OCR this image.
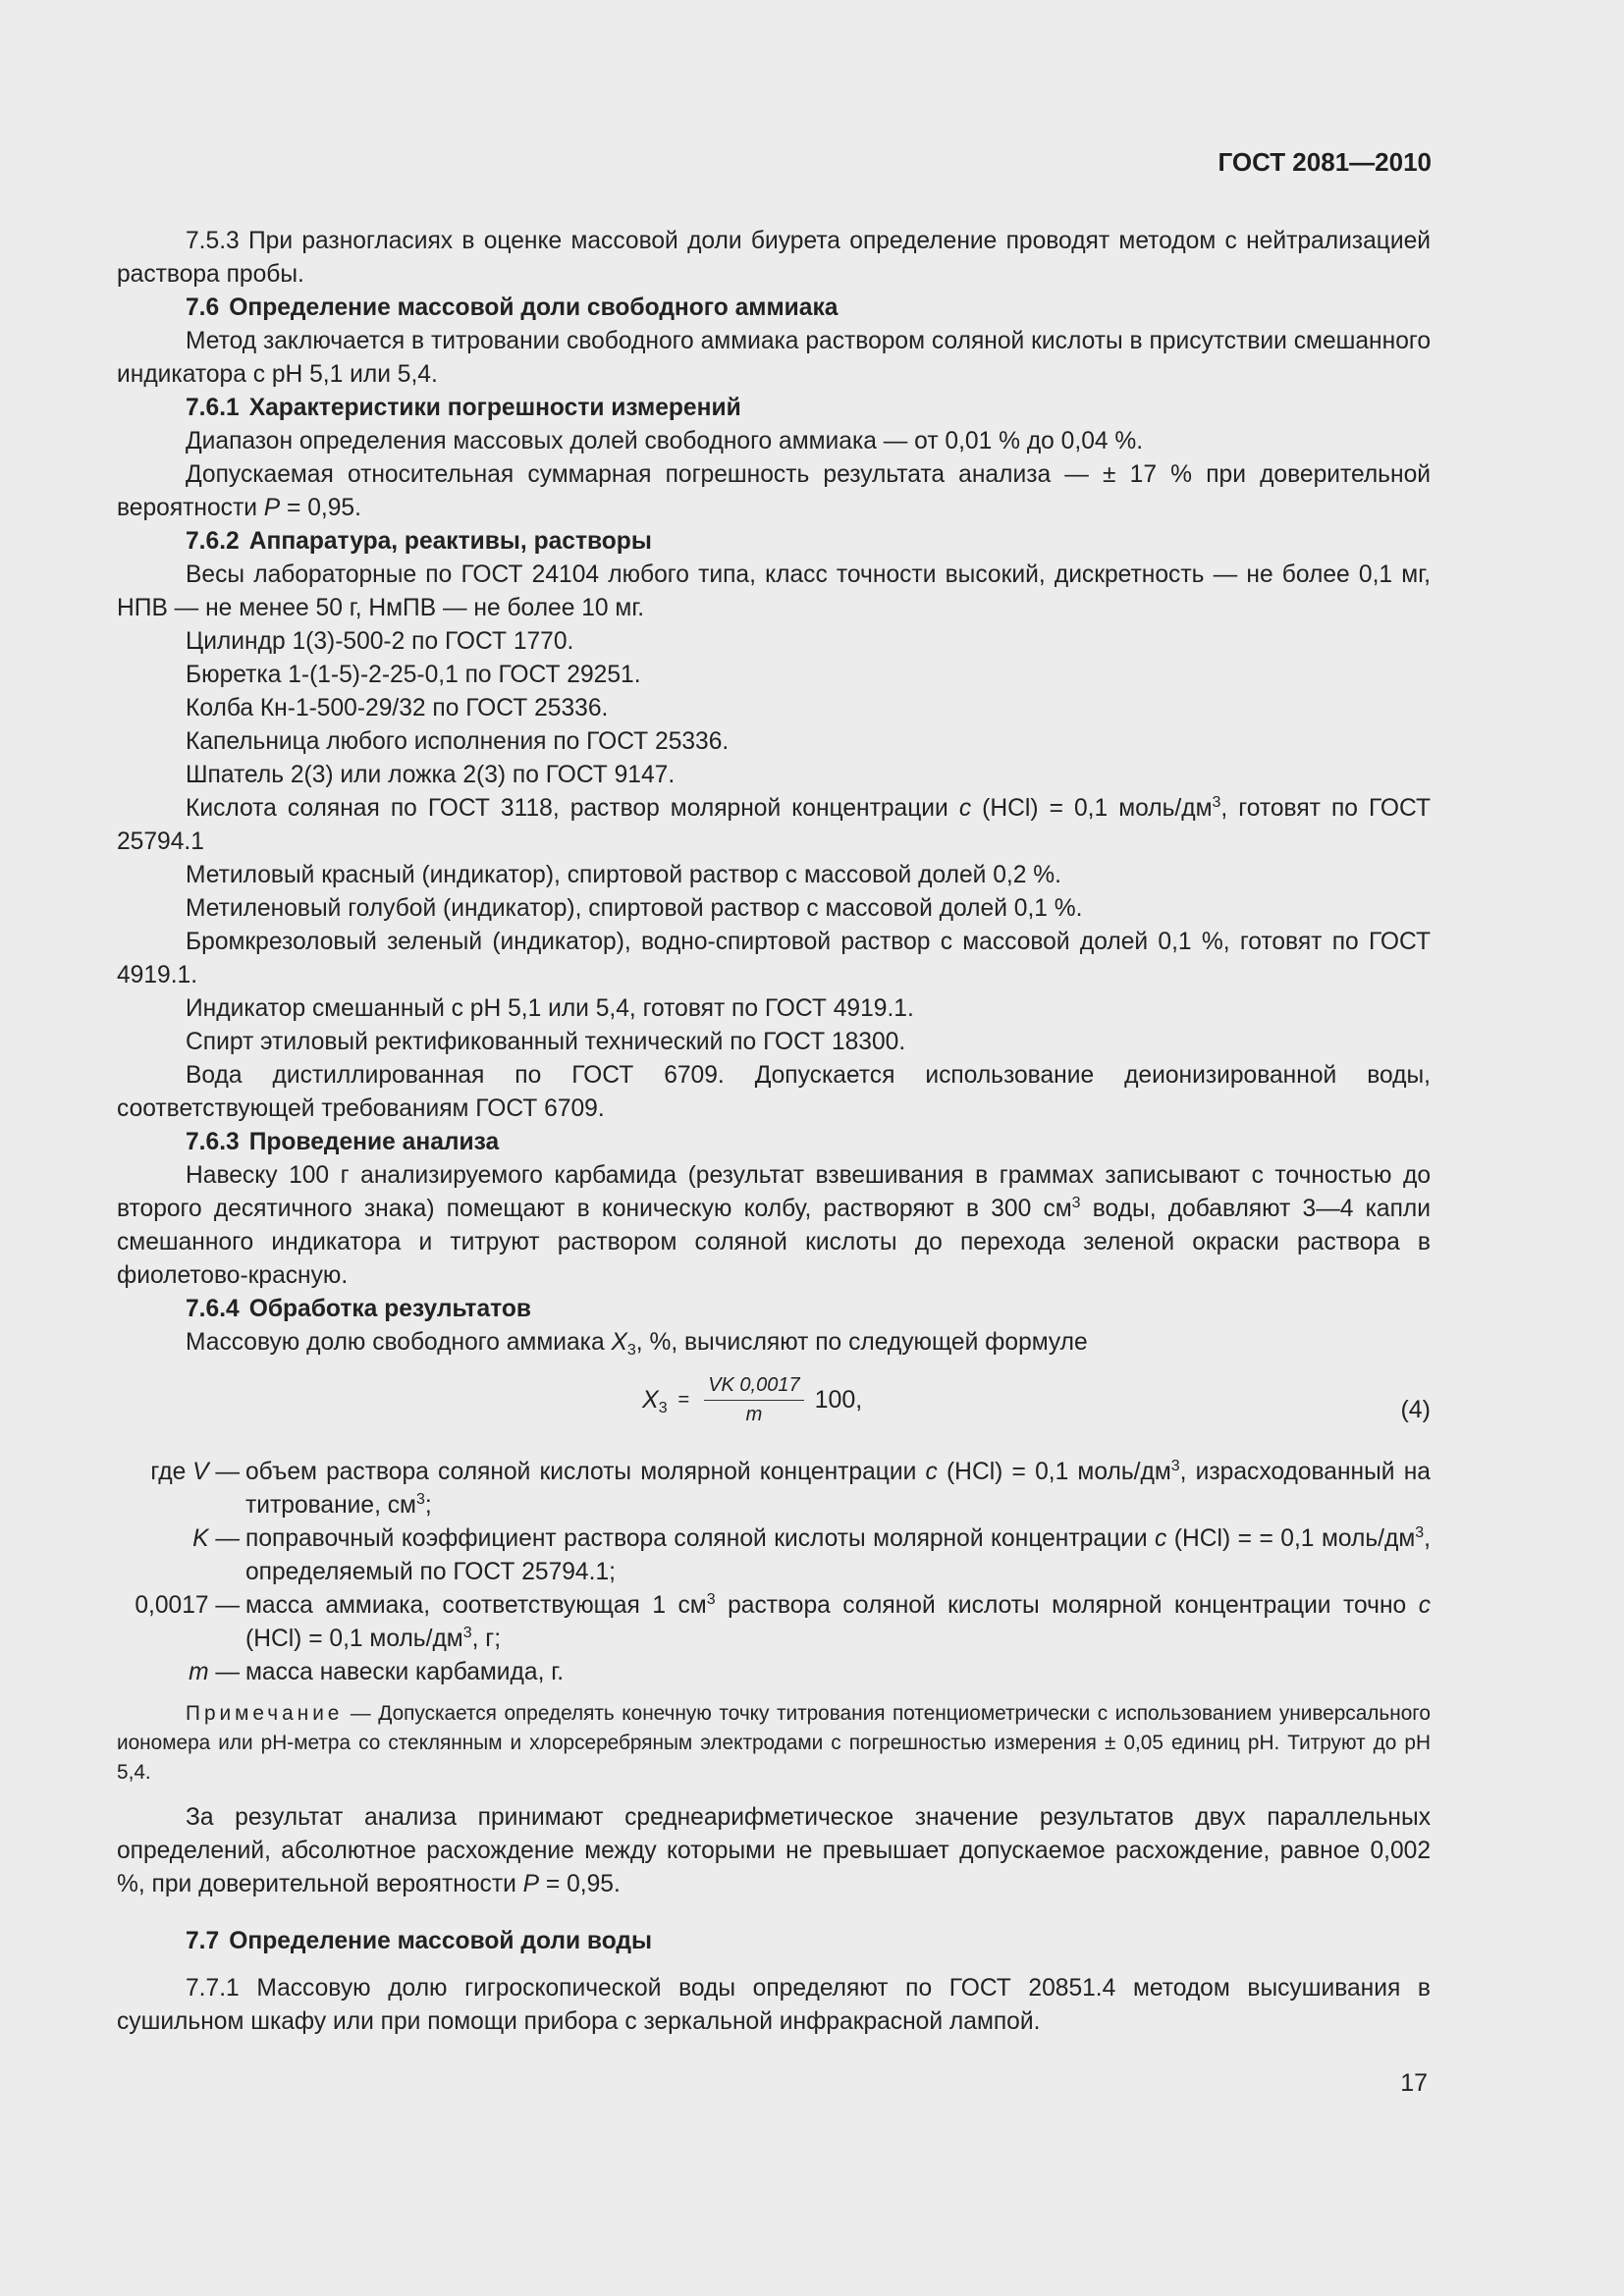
ГОСТ 2081—2010

7.5.3 При разногласиях в оценке массовой доли биурета определение проводят методом с нейтрализацией раствора пробы.

7.6 Определение массовой доли свободного аммиака

Метод заключается в титровании свободного аммиака раствором соляной кислоты в присутствии смешанного индикатора с рН 5,1 или 5,4.

7.6.1 Характеристики погрешности измерений

Диапазон определения массовых долей свободного аммиака — от 0,01 % до 0,04 %.

Допускаемая относительная суммарная погрешность результата анализа — ± 17 % при доверительной вероятности P = 0,95.

7.6.2 Аппаратура, реактивы, растворы

Весы лабораторные по ГОСТ 24104 любого типа, класс точности высокий, дискретность — не более 0,1 мг, НПВ — не менее 50 г, НмПВ — не более 10 мг.

Цилиндр 1(3)-500-2 по ГОСТ 1770.

Бюретка 1-(1-5)-2-25-0,1 по ГОСТ 29251.

Колба Кн-1-500-29/32 по ГОСТ 25336.

Капельница любого исполнения по ГОСТ 25336.

Шпатель 2(3) или ложка 2(3) по ГОСТ 9147.

Кислота соляная по ГОСТ 3118, раствор молярной концентрации c (HCl) = 0,1 моль/$дм^3$, готовят по ГОСТ 25794.1

Метиловый красный (индикатор), спиртовой раствор с массовой долей 0,2 %.

Метиленовый голубой (индикатор), спиртовой раствор с массовой долей 0,1 %.

Бромкрезоловый зеленый (индикатор), водно-спиртовой раствор с массовой долей 0,1 %, готовят по ГОСТ 4919.1.

Индикатор смешанный с рН 5,1 или 5,4, готовят по ГОСТ 4919.1.

Спирт этиловый ректификованный технический по ГОСТ 18300.

Вода дистиллированная по ГОСТ 6709. Допускается использование деионизированной воды, соответствующей требованиям ГОСТ 6709.

7.6.3 Проведение анализа

Навеску 100 г анализируемого карбамида (результат взвешивания в граммах записывают с точностью до второго десятичного знака) помещают в коническую колбу, растворяют в 300 $см^3$ воды, добавляют 3—4 капли смешанного индикатора и титруют раствором соляной кислоты до перехода зеленой окраски раствора в фиолетово-красную.

7.6.4 Обработка результатов

Массовую долю свободного аммиака $X_3$, %, вычисляют по следующей формуле

$X_3 = \frac{VK 0,0017}{m} 100$,	(4)

где V — объем раствора соляной кислоты молярной концентрации c (HCl) = 0,1 моль/$дм^3$, израсходованный на титрование, $см^3$;

K — поправочный коэффициент раствора соляной кислоты молярной концентрации c (HCl) = = 0,1 моль/$дм^3$, определяемый по ГОСТ 25794.1;

0,0017 — масса аммиака, соответствующая 1 $см^3$ раствора соляной кислоты молярной концентрации точно c (HCl) = 0,1 моль/$дм^3$, г;

m — масса навески карбамида, г.

Примечание — Допускается определять конечную точку титрования потенциометрически с использованием универсального иономера или рН-метра со стеклянным и хлорсеребряным электродами с погрешностью измерения ± 0,05 единиц рН. Титруют до рН 5,4.

За результат анализа принимают среднеарифметическое значение результатов двух параллельных определений, абсолютное расхождение между которыми не превышает допускаемое расхождение, равное 0,002 %, при доверительной вероятности P = 0,95.

7.7 Определение массовой доли воды

7.7.1 Массовую долю гигроскопической воды определяют по ГОСТ 20851.4 методом высушивания в сушильном шкафу или при помощи прибора с зеркальной инфракрасной лампой.

17
